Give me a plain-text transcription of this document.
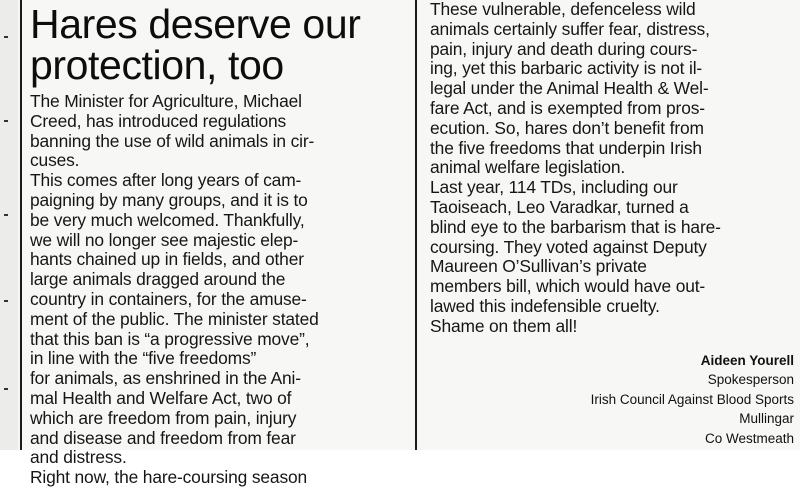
Hares deserve our
protection, too
The Minister for Agriculture, Michael
Creed, has introduced regulations
banning the use of wild animals in cir-
cuses.
This comes after long years of cam-
paigning by many groups, and it is to
be very much welcomed. Thankfully,
we will no longer see majestic elep-
hants chained up in fields, and other
large animals dragged around the
country in containers, for the amuse-
ment of the public. The minister stated
that this ban is “a progressive move”,
in line with the “five freedoms”
for animals, as enshrined in the Ani-
mal Health and Welfare Act, two of
which are freedom from pain, injury
and disease and freedom from fear
and distress.
Right now, the hare-coursing season
These vulnerable, defenceless wild
animals certainly suffer fear, distress,
pain, injury and death during cours-
ing, yet this barbaric activity is not il-
legal under the Animal Health & Wel-
fare Act, and is exempted from pros-
ecution. So, hares don’t benefit from
the five freedoms that underpin Irish
animal welfare legislation.
Last year, 114 TDs, including our
Taoiseach, Leo Varadkar, turned a
blind eye to the barbarism that is hare-
coursing. They voted against Deputy
Maureen O’Sullivan’s private
members bill, which would have out-
lawed this indefensible cruelty.
Shame on them all!
Aideen Yourell
Spokesperson
Irish Council Against Blood Sports
Mullingar
Co Westmeath
